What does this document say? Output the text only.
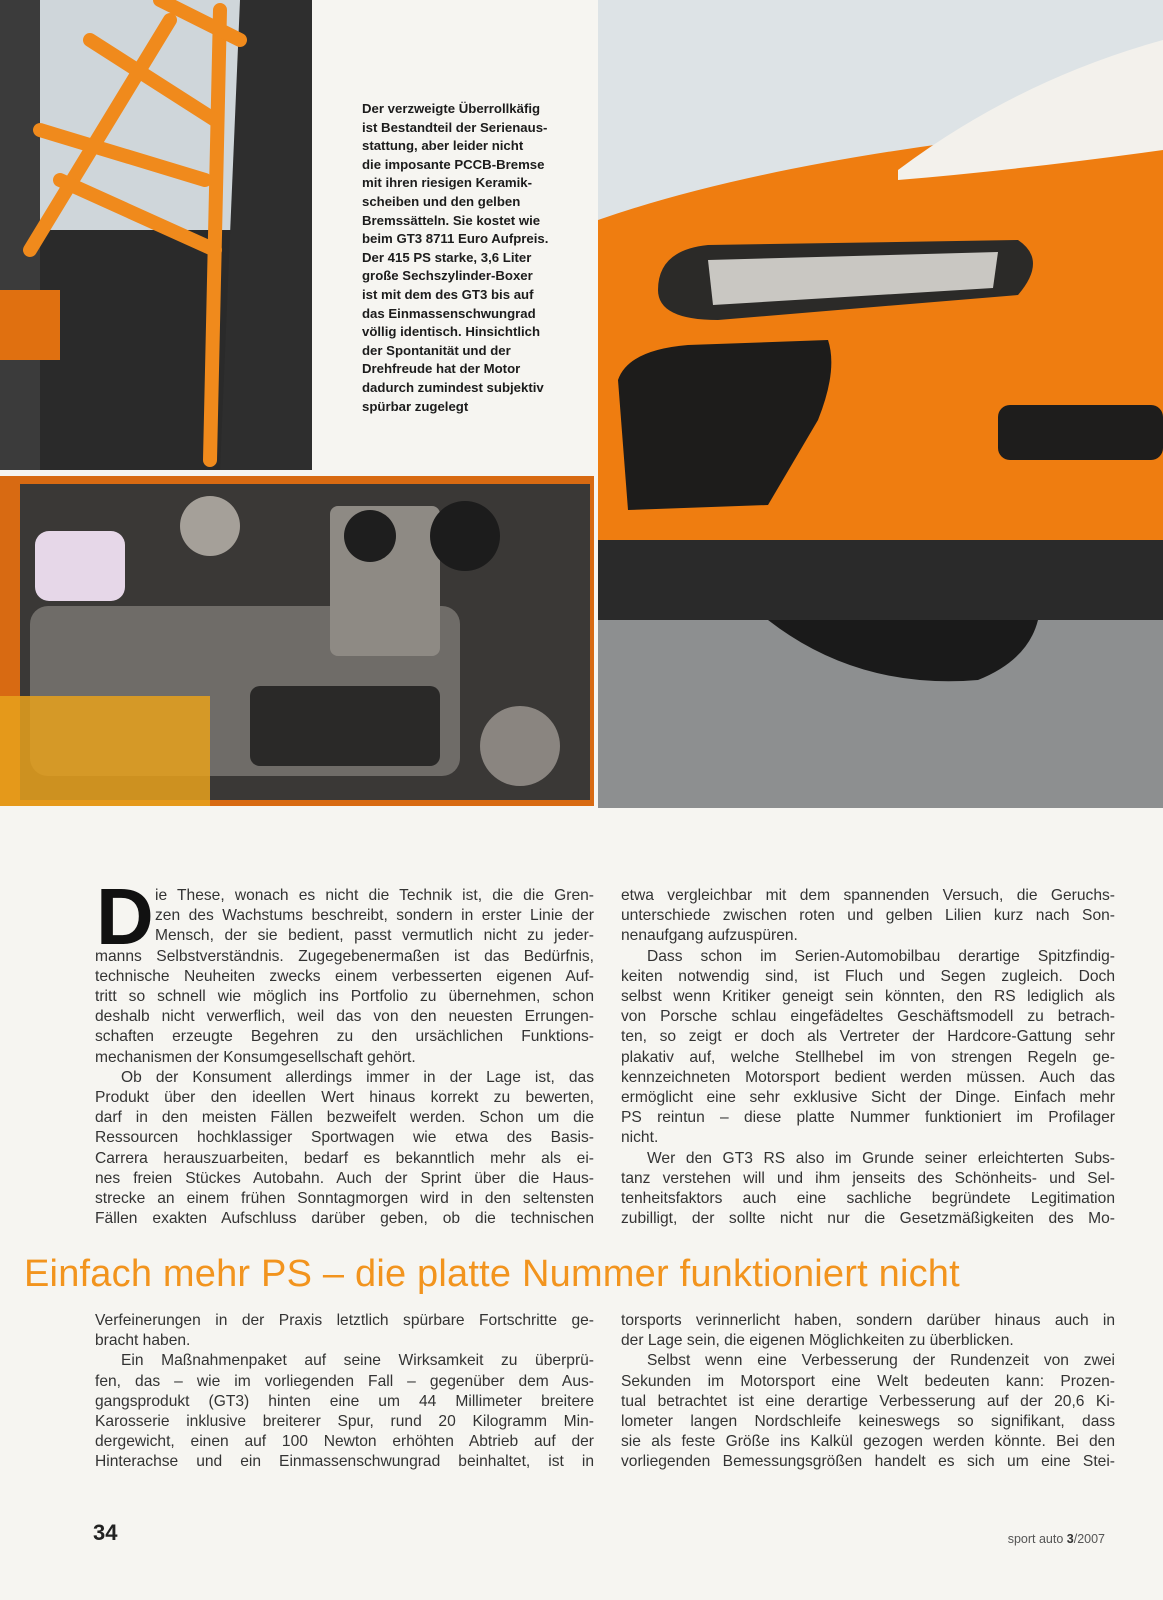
Der verzweigte Überrollkäfig
ist Bestandteil der Serienaus-
stattung, aber leider nicht
die imposante PCCB-Bremse
mit ihren riesigen Keramik-
scheiben und den gelben
Bremssätteln. Sie kostet wie
beim GT3 8711 Euro Aufpreis.
Der 415 PS starke, 3,6 Liter
große Sechszylinder-Boxer
ist mit dem des GT3 bis auf
das Einmassenschwungrad
völlig identisch. Hinsichtlich
der Spontanität und der
Drehfreude hat der Motor
dadurch zumindest subjektiv
spürbar zugelegt
D ie These, wonach es nicht die Technik ist, die die Gren-
zen des Wachstums beschreibt, sondern in erster Linie der
Mensch, der sie bedient, passt vermutlich nicht zu jeder-
manns Selbstverständnis. Zugegebenermaßen ist das Bedürfnis,
technische Neuheiten zwecks einem verbesserten eigenen Auf-
tritt so schnell wie möglich ins Portfolio zu übernehmen, schon
deshalb nicht verwerflich, weil das von den neuesten Errungen-
schaften erzeugte Begehren zu den ursächlichen Funktions-
mechanismen der Konsumgesellschaft gehört.
Ob der Konsument allerdings immer in der Lage ist, das
Produkt über den ideellen Wert hinaus korrekt zu bewerten,
darf in den meisten Fällen bezweifelt werden. Schon um die
Ressourcen hochklassiger Sportwagen wie etwa des Basis-
Carrera herauszuarbeiten, bedarf es bekanntlich mehr als ei-
nes freien Stückes Autobahn. Auch der Sprint über die Haus-
strecke an einem frühen Sonntagmorgen wird in den seltensten
Fällen exakten Aufschluss darüber geben, ob die technischen
etwa vergleichbar mit dem spannenden Versuch, die Geruchs-
unterschiede zwischen roten und gelben Lilien kurz nach Son-
nenaufgang aufzuspüren.
Dass schon im Serien-Automobilbau derartige Spitzfindig-
keiten notwendig sind, ist Fluch und Segen zugleich. Doch
selbst wenn Kritiker geneigt sein könnten, den RS lediglich als
von Porsche schlau eingefädeltes Geschäftsmodell zu betrach-
ten, so zeigt er doch als Vertreter der Hardcore-Gattung sehr
plakativ auf, welche Stellhebel im von strengen Regeln ge-
kennzeichneten Motorsport bedient werden müssen. Auch das
ermöglicht eine sehr exklusive Sicht der Dinge. Einfach mehr
PS reintun – diese platte Nummer funktioniert im Profilager
nicht.
Wer den GT3 RS also im Grunde seiner erleichterten Subs-
tanz verstehen will und ihm jenseits des Schönheits- und Sel-
tenheitsfaktors auch eine sachliche begründete Legitimation
zubilligt, der sollte nicht nur die Gesetzmäßigkeiten des Mo-
Einfach mehr PS – die platte Nummer funktioniert nicht
Verfeinerungen in der Praxis letztlich spürbare Fortschritte ge-
bracht haben.
Ein Maßnahmenpaket auf seine Wirksamkeit zu überprü-
fen, das – wie im vorliegenden Fall – gegenüber dem Aus-
gangsprodukt (GT3) hinten eine um 44 Millimeter breitere
Karosserie inklusive breiterer Spur, rund 20 Kilogramm Min-
dergewicht, einen auf 100 Newton erhöhten Abtrieb auf der
Hinterachse und ein Einmassenschwungrad beinhaltet, ist in
torsports verinnerlicht haben, sondern darüber hinaus auch in
der Lage sein, die eigenen Möglichkeiten zu überblicken.
Selbst wenn eine Verbesserung der Rundenzeit von zwei
Sekunden im Motorsport eine Welt bedeuten kann: Prozen-
tual betrachtet ist eine derartige Verbesserung auf der 20,6 Ki-
lometer langen Nordschleife keineswegs so signifikant, dass
sie als feste Größe ins Kalkül gezogen werden könnte. Bei den
vorliegenden Bemessungsgrößen handelt es sich um eine Stei-
34	sport auto 3/2007
